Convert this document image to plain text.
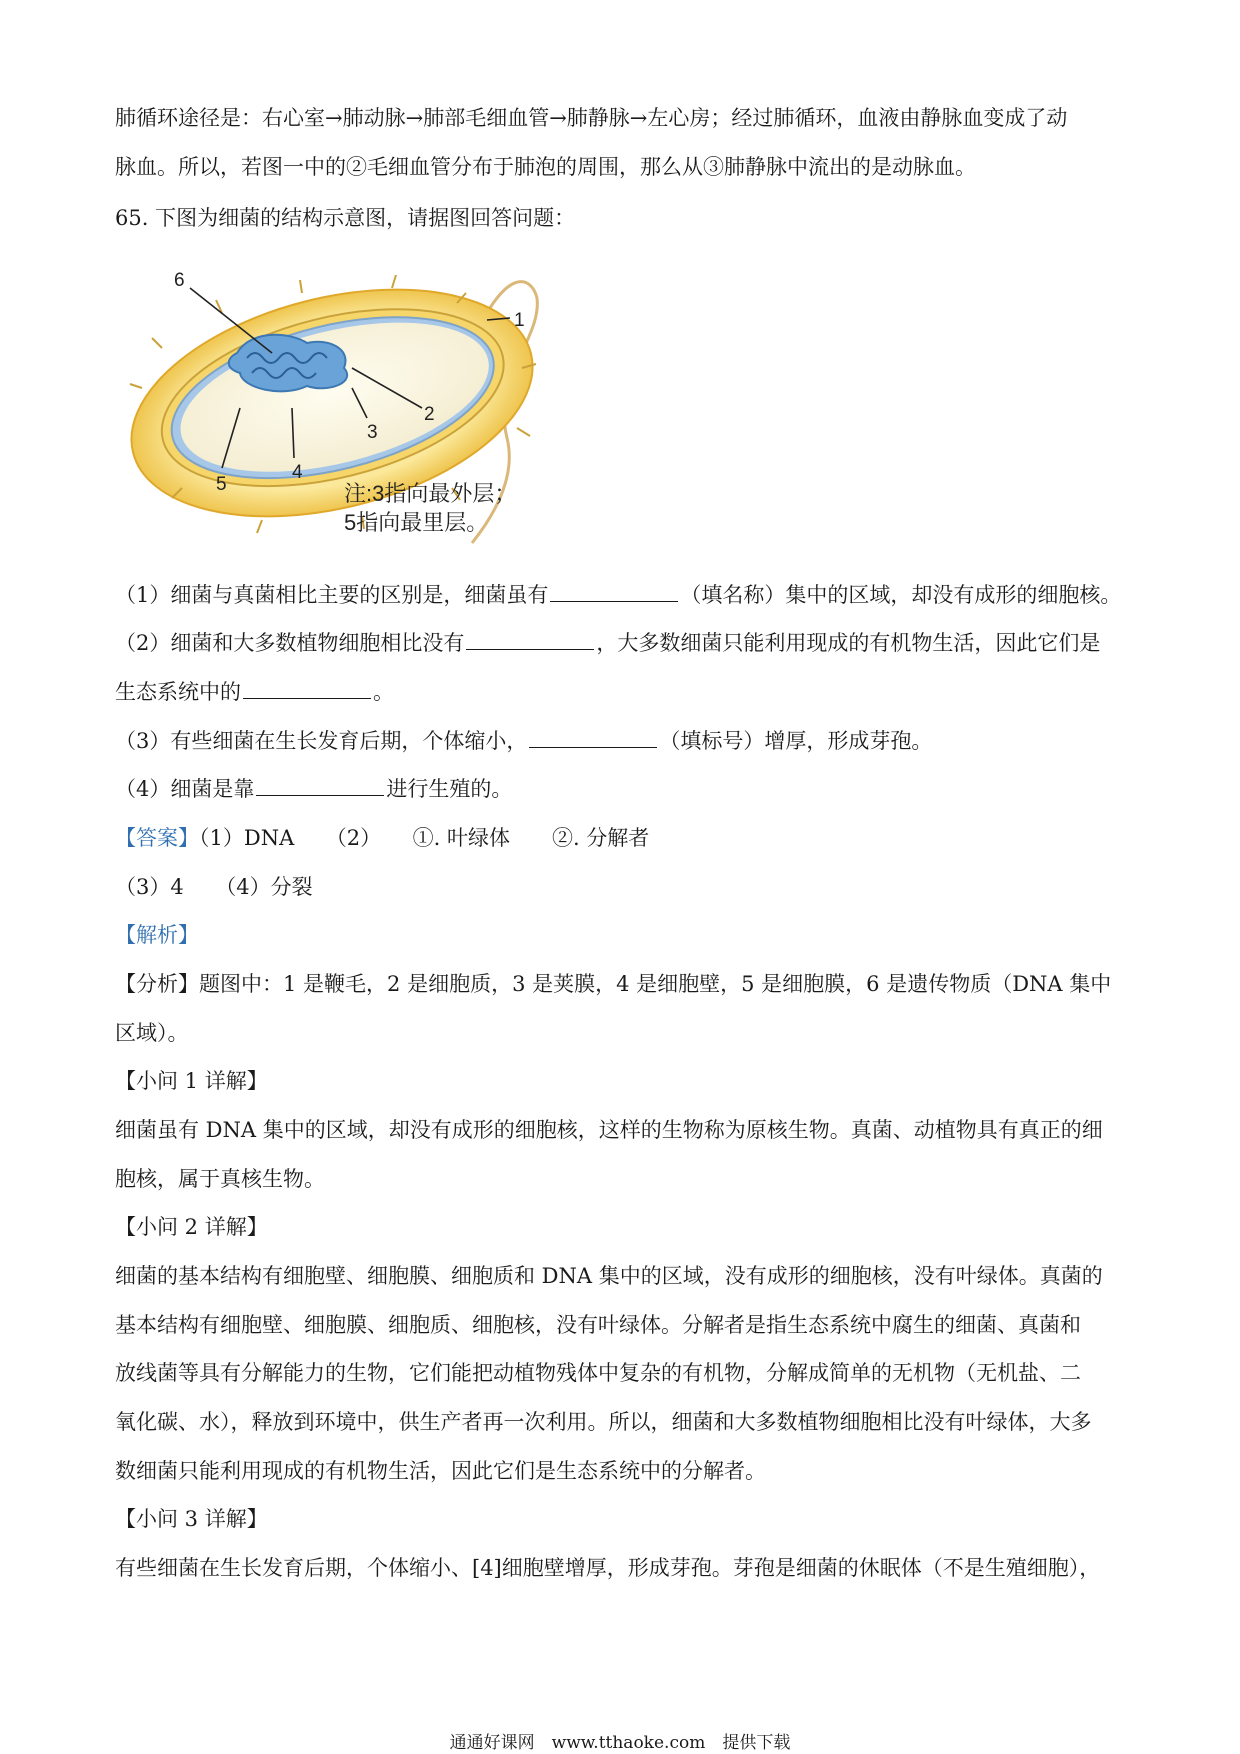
肺循环途径是：右心室→肺动脉→肺部毛细血管→肺静脉→左心房；经过肺循环，血液由静脉血变成了动
脉血。所以，若图一中的②毛细血管分布于肺泡的周围，那么从③肺静脉中流出的是动脉血。
65. 下图为细菌的结构示意图，请据图回答问题：
6
1
2
3
4
5	注:3指向最外层；
5指向最里层。
（1）细菌与真菌相比主要的区别是，细菌虽有	（填名称）集中的区域，却没有成形的细胞核。
（2）细菌和大多数植物细胞相比没有	，大多数细菌只能利用现成的有机物生活，因此它们是
生态系统中的	。
（3）有些细菌在生长发育后期，个体缩小，	（填标号）增厚，形成芽孢。
（4）细菌是靠	进行生殖的。
【答案】（1）DNA　　（2）　　①. 叶绿体　　②. 分解者
（3）4　　（4）分裂
【解析】
【分析】题图中：1 是鞭毛，2 是细胞质，3 是荚膜，4 是细胞壁，5 是细胞膜，6 是遗传物质（DNA 集中
区域）。
【小问 1 详解】
细菌虽有 DNA 集中的区域，却没有成形的细胞核，这样的生物称为原核生物。真菌、动植物具有真正的细
胞核，属于真核生物。
【小问 2 详解】
细菌的基本结构有细胞壁、细胞膜、细胞质和 DNA 集中的区域，没有成形的细胞核，没有叶绿体。真菌的
基本结构有细胞壁、细胞膜、细胞质、细胞核，没有叶绿体。分解者是指生态系统中腐生的细菌、真菌和
放线菌等具有分解能力的生物，它们能把动植物残体中复杂的有机物，分解成简单的无机物（无机盐、二
氧化碳、水），释放到环境中，供生产者再一次利用。所以，细菌和大多数植物细胞相比没有叶绿体，大多
数细菌只能利用现成的有机物生活，因此它们是生态系统中的分解者。
【小问 3 详解】
有些细菌在生长发育后期，个体缩小、[4]细胞壁增厚，形成芽孢。芽孢是细菌的休眠体（不是生殖细胞），
通通好课网　www.tthaoke.com　提供下载
